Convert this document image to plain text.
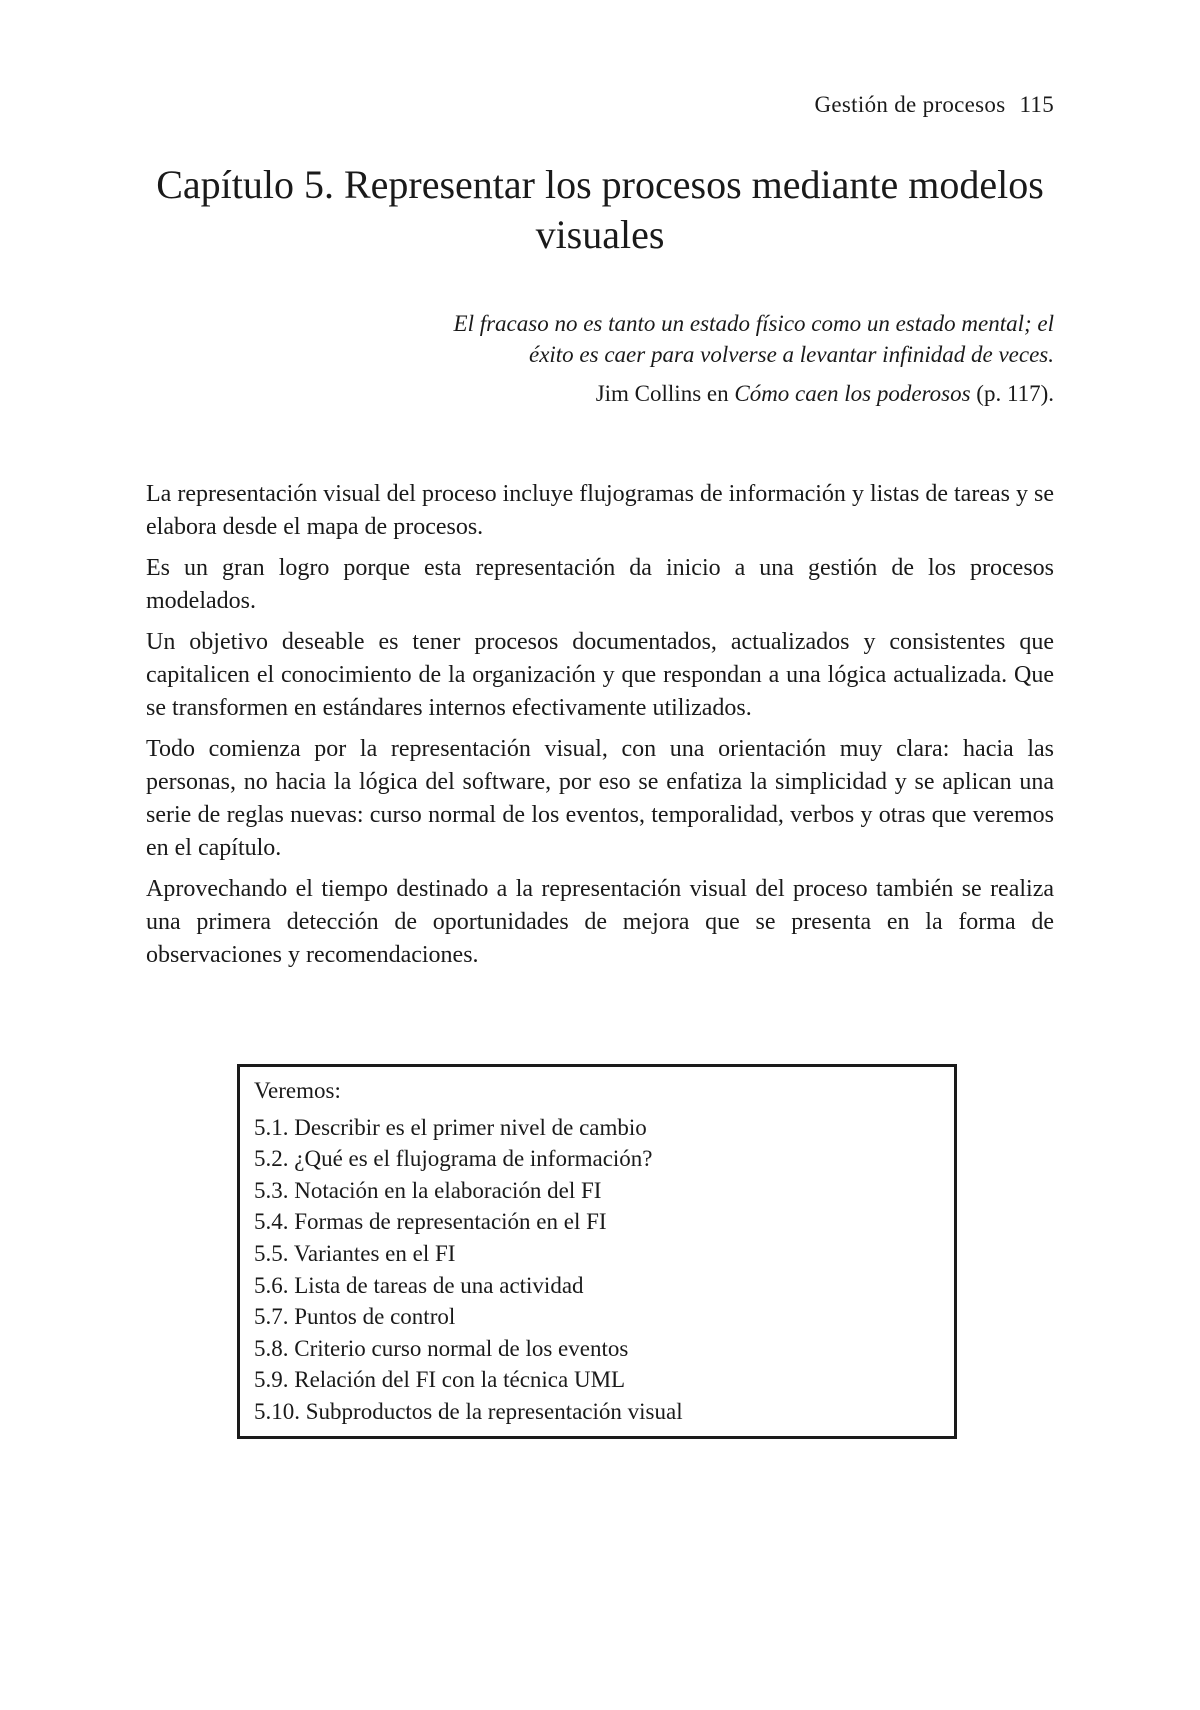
Gestión de procesos 115
Capítulo 5. Representar los procesos mediante modelos visuales

El fracaso no es tanto un estado físico como un estado mental; el éxito es caer para volverse a levantar infinidad de veces.

Jim Collins en Cómo caen los poderosos (p. 117).

La representación visual del proceso incluye flujogramas de información y listas de tareas y se elabora desde el mapa de procesos.

Es un gran logro porque esta representación da inicio a una gestión de los procesos modelados.

Un objetivo deseable es tener procesos documentados, actualizados y consistentes que capitalicen el conocimiento de la organización y que respondan a una lógica actualizada. Que se transformen en estándares internos efectivamente utilizados.

Todo comienza por la representación visual, con una orientación muy clara: hacia las personas, no hacia la lógica del software, por eso se enfatiza la simplicidad y se aplican una serie de reglas nuevas: curso normal de los eventos, temporalidad, verbos y otras que veremos en el capítulo.

Aprovechando el tiempo destinado a la representación visual del proceso también se realiza una primera detección de oportunidades de mejora que se presenta en la forma de observaciones y recomendaciones.

Veremos:

5.1. Describir es el primer nivel de cambio
5.2. ¿Qué es el flujograma de información?
5.3. Notación en la elaboración del FI
5.4. Formas de representación en el FI
5.5. Variantes en el FI
5.6. Lista de tareas de una actividad
5.7. Puntos de control
5.8. Criterio curso normal de los eventos
5.9. Relación del FI con la técnica UML
5.10. Subproductos de la representación visual
